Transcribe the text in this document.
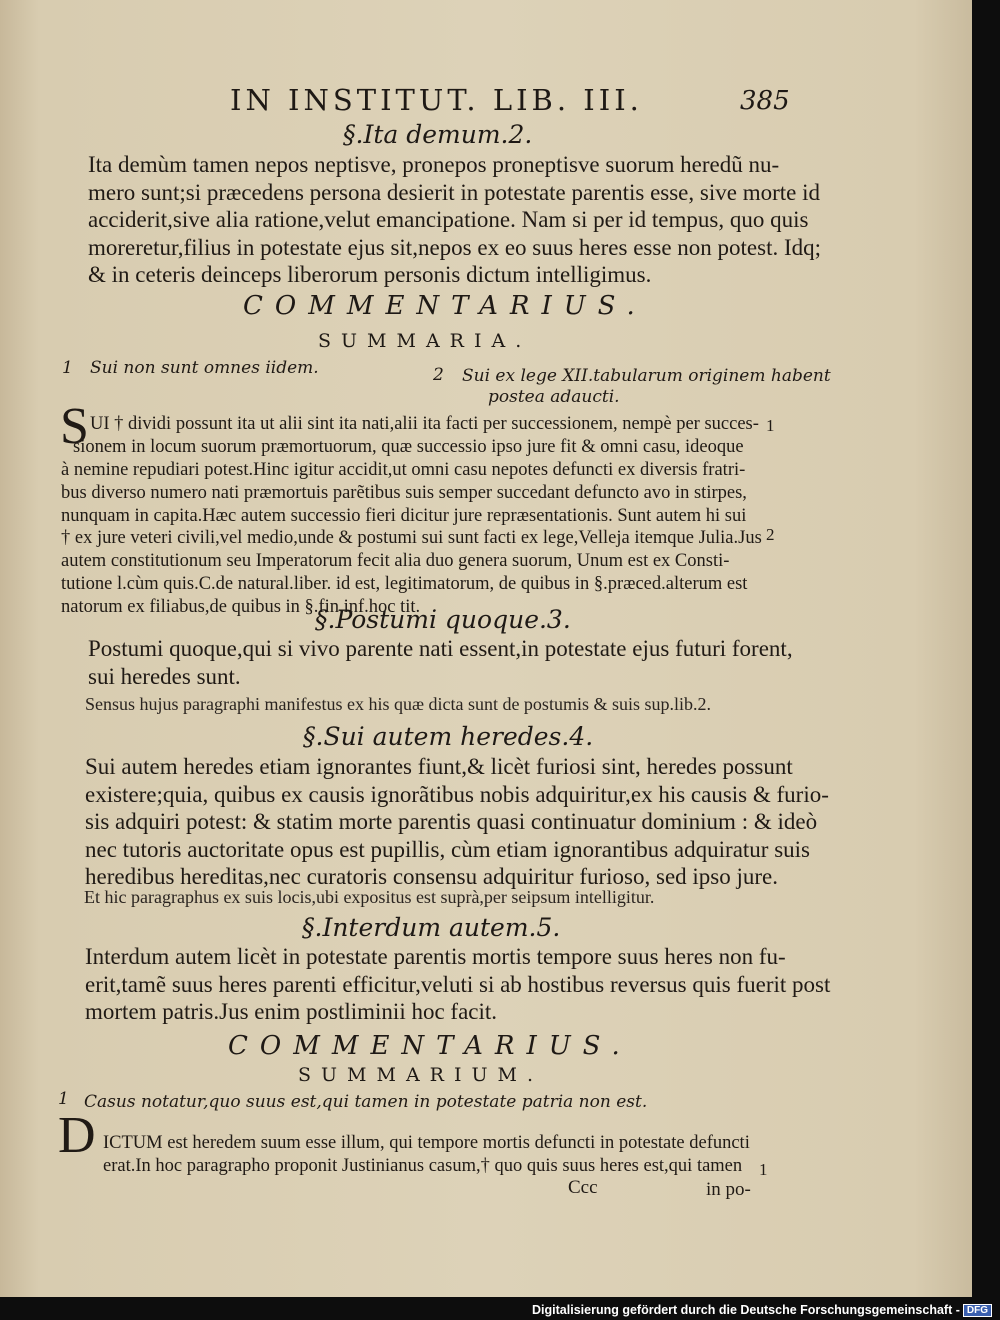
IN INSTITUT. LIB. III.	385
§.Ita demum.2.
Ita demùm tamen nepos neptisve, pronepos proneptisve suorum heredũ nu-
mero sunt;si præcedens persona desierit in potestate parentis esse, sive morte id
acciderit,sive alia ratione,velut emancipatione. Nam si per id tempus, quo quis
moreretur,filius in potestate ejus sit,nepos ex eo suus heres esse non potest. Idq;
& in ceteris deinceps liberorum personis dictum intelligimus.
COMMENTARIUS.
SUMMARIA.
1 Sui non sunt omnes iidem.	2 Sui ex lege XII.tabularum originem habent
postea adaucti.
S UI † dividi possunt ita ut alii sint ita nati,alii ita facti per successionem, nempè per succes-
sionem in locum suorum præmortuorum, quæ successio ipso jure fit & omni casu, ideoque
à nemine repudiari potest.Hinc igitur accidit,ut omni casu nepotes defuncti ex diversis fratri-
bus diverso numero nati præmortuis parẽtibus suis semper succedant defuncto avo in stirpes,
nunquam in capita.Hæc autem successio fieri dicitur jure repræsentationis. Sunt autem hi sui
† ex jure veteri civili,vel medio,unde & postumi sui sunt facti ex lege,Velleja itemque Julia.Jus
autem constitutionum seu Imperatorum fecit alia duo genera suorum, Unum est ex Consti-
tutione l.cùm quis.C.de natural.liber. id est, legitimatorum, de quibus in §.præced.alterum est
natorum ex filiabus,de quibus in §.fin.inf.hoc tit.
1
2
§.Postumi quoque.3.
Postumi quoque,qui si vivo parente nati essent,in potestate ejus futuri forent,
sui heredes sunt.
Sensus hujus paragraphi manifestus ex his quæ dicta sunt de postumis & suis sup.lib.2.
§.Sui autem heredes.4.
Sui autem heredes etiam ignorantes fiunt,& licèt furiosi sint, heredes possunt
existere;quia, quibus ex causis ignorãtibus nobis adquiritur,ex his causis & furio-
sis adquiri potest: & statim morte parentis quasi continuatur dominium : & ideò
nec tutoris auctoritate opus est pupillis, cùm etiam ignorantibus adquiratur suis
heredibus hereditas,nec curatoris consensu adquiritur furioso, sed ipso jure.
Et hic paragraphus ex suis locis,ubi expositus est suprà,per seipsum intelligitur.
§.Interdum autem.5.
Interdum autem licèt in potestate parentis mortis tempore suus heres non fu-
erit,tamẽ suus heres parenti efficitur,veluti si ab hostibus reversus quis fuerit post
mortem patris.Jus enim postliminii hoc facit.
COMMENTARIUS.
SUMMARIUM.
1 Casus notatur,quo suus est,qui tamen in potestate patria non est.
D ICTUM est heredem suum esse illum, qui tempore mortis defuncti in potestate defuncti
erat.In hoc paragrapho proponit Justinianus casum,† quo quis suus heres est,qui tamen 1
Ccc	in po-
Digitalisierung gefördert durch die Deutsche Forschungsgemeinschaft - DFG
